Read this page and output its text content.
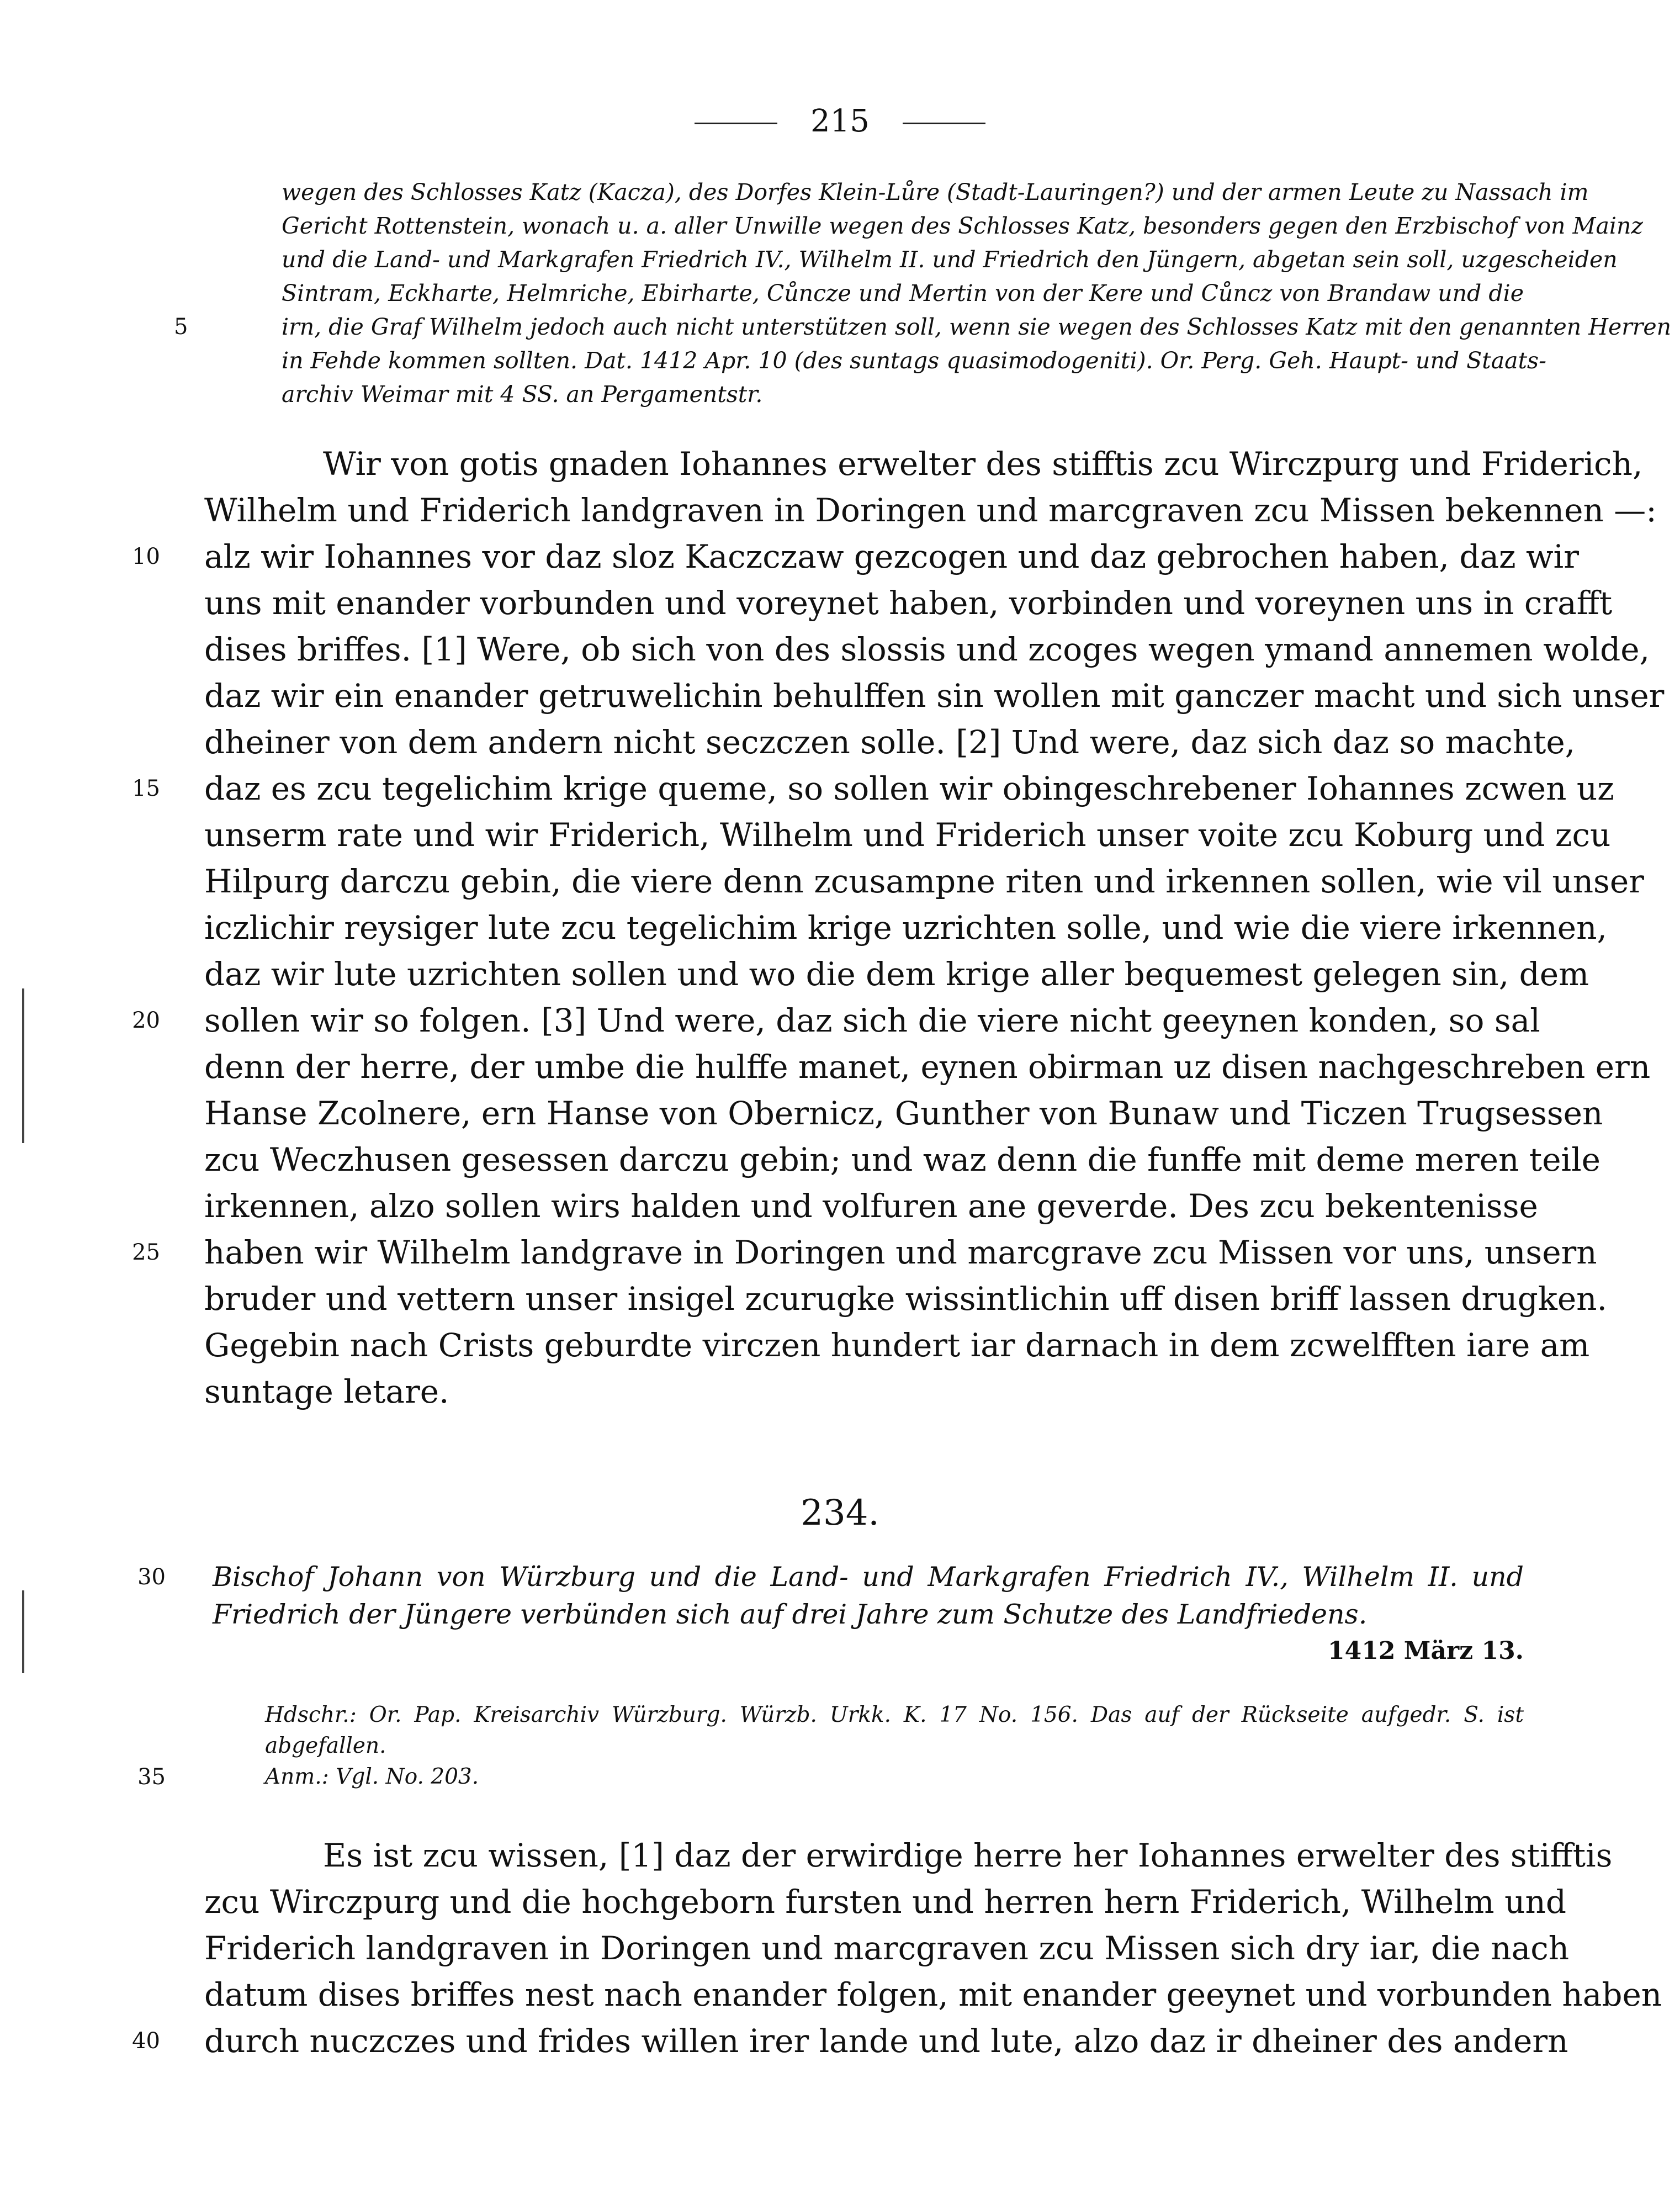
215
wegen des Schlosses Katz (Kacza), des Dorfes Klein-Lůre (Stadt-Lauringen?) und der armen Leute zu Nassach im
Gericht Rottenstein, wonach u. a. aller Unwille wegen des Schlosses Katz, besonders gegen den Erzbischof von Mainz
und die Land- und Markgrafen Friedrich IV., Wilhelm II. und Friedrich den Jüngern, abgetan sein soll, uzgescheiden
Sintram, Eckharte, Helmriche, Ebirharte, Cůncze und Mertin von der Kere und Cůncz von Brandaw und die
irn, die Graf Wilhelm jedoch auch nicht unterstützen soll, wenn sie wegen des Schlosses Katz mit den genannten Herren
in Fehde kommen sollten. Dat. 1412 Apr. 10 (des suntags quasimodogeniti). Or. Perg. Geh. Haupt- und Staats-
archiv Weimar mit 4 SS. an Pergamentstr.
5
Wir von gotis gnaden Iohannes erwelter des stifftis zcu Wirczpurg und Friderich,
Wilhelm und Friderich landgraven in Doringen und marcgraven zcu Missen bekennen —:
alz wir Iohannes vor daz sloz Kaczczaw gezcogen und daz gebrochen haben, daz wir
uns mit enander vorbunden und voreynet haben, vorbinden und voreynen uns in crafft
dises briffes. [1] Were, ob sich von des slossis und zcoges wegen ymand annemen wolde,
daz wir ein enander getruwelichin behulffen sin wollen mit ganczer macht und sich unser
dheiner von dem andern nicht seczczen solle. [2] Und were, daz sich daz so machte,
daz es zcu tegelichim krige queme, so sollen wir obingeschrebener Iohannes zcwen uz
unserm rate und wir Friderich, Wilhelm und Friderich unser voite zcu Koburg und zcu
Hilpurg darczu gebin, die viere denn zcusampne riten und irkennen sollen, wie vil unser
iczlichir reysiger lute zcu tegelichim krige uzrichten solle, und wie die viere irkennen,
daz wir lute uzrichten sollen und wo die dem krige aller bequemest gelegen sin, dem
sollen wir so folgen. [3] Und were, daz sich die viere nicht geeynen konden, so sal
denn der herre, der umbe die hulffe manet, eynen obirman uz disen nachgeschreben ern
Hanse Zcolnere, ern Hanse von Obernicz, Gunther von Bunaw und Ticzen Trugsessen
zcu Weczhusen gesessen darczu gebin; und waz denn die funffe mit deme meren teile
irkennen, alzo sollen wirs halden und volfuren ane geverde. Des zcu bekentenisse
haben wir Wilhelm landgrave in Doringen und marcgrave zcu Missen vor uns, unsern
bruder und vettern unser insigel zcurugke wissintlichin uff disen briff lassen drugken.
Gegebin nach Crists geburdte virczen hundert iar darnach in dem zcwelfften iare am
suntage letare.
10
15
20
25
234.
Bischof Johann von Würzburg und die Land- und Markgrafen Friedrich IV., Wilhelm II. und
Friedrich der Jüngere verbünden sich auf drei Jahre zum Schutze des Landfriedens.
30
1412 März 13.
Hdschr.: Or. Pap. Kreisarchiv Würzburg. Würzb. Urkk. K. 17 No. 156. Das auf der Rückseite aufgedr. S. ist
abgefallen.
Anm.: Vgl. No. 203.
35
Es ist zcu wissen, [1] daz der erwirdige herre her Iohannes erwelter des stifftis
zcu Wirczpurg und die hochgeborn fursten und herren hern Friderich, Wilhelm und
Friderich landgraven in Doringen und marcgraven zcu Missen sich dry iar, die nach
datum dises briffes nest nach enander folgen, mit enander geeynet und vorbunden haben
durch nuczczes und frides willen irer lande und lute, alzo daz ir dheiner des andern
40
